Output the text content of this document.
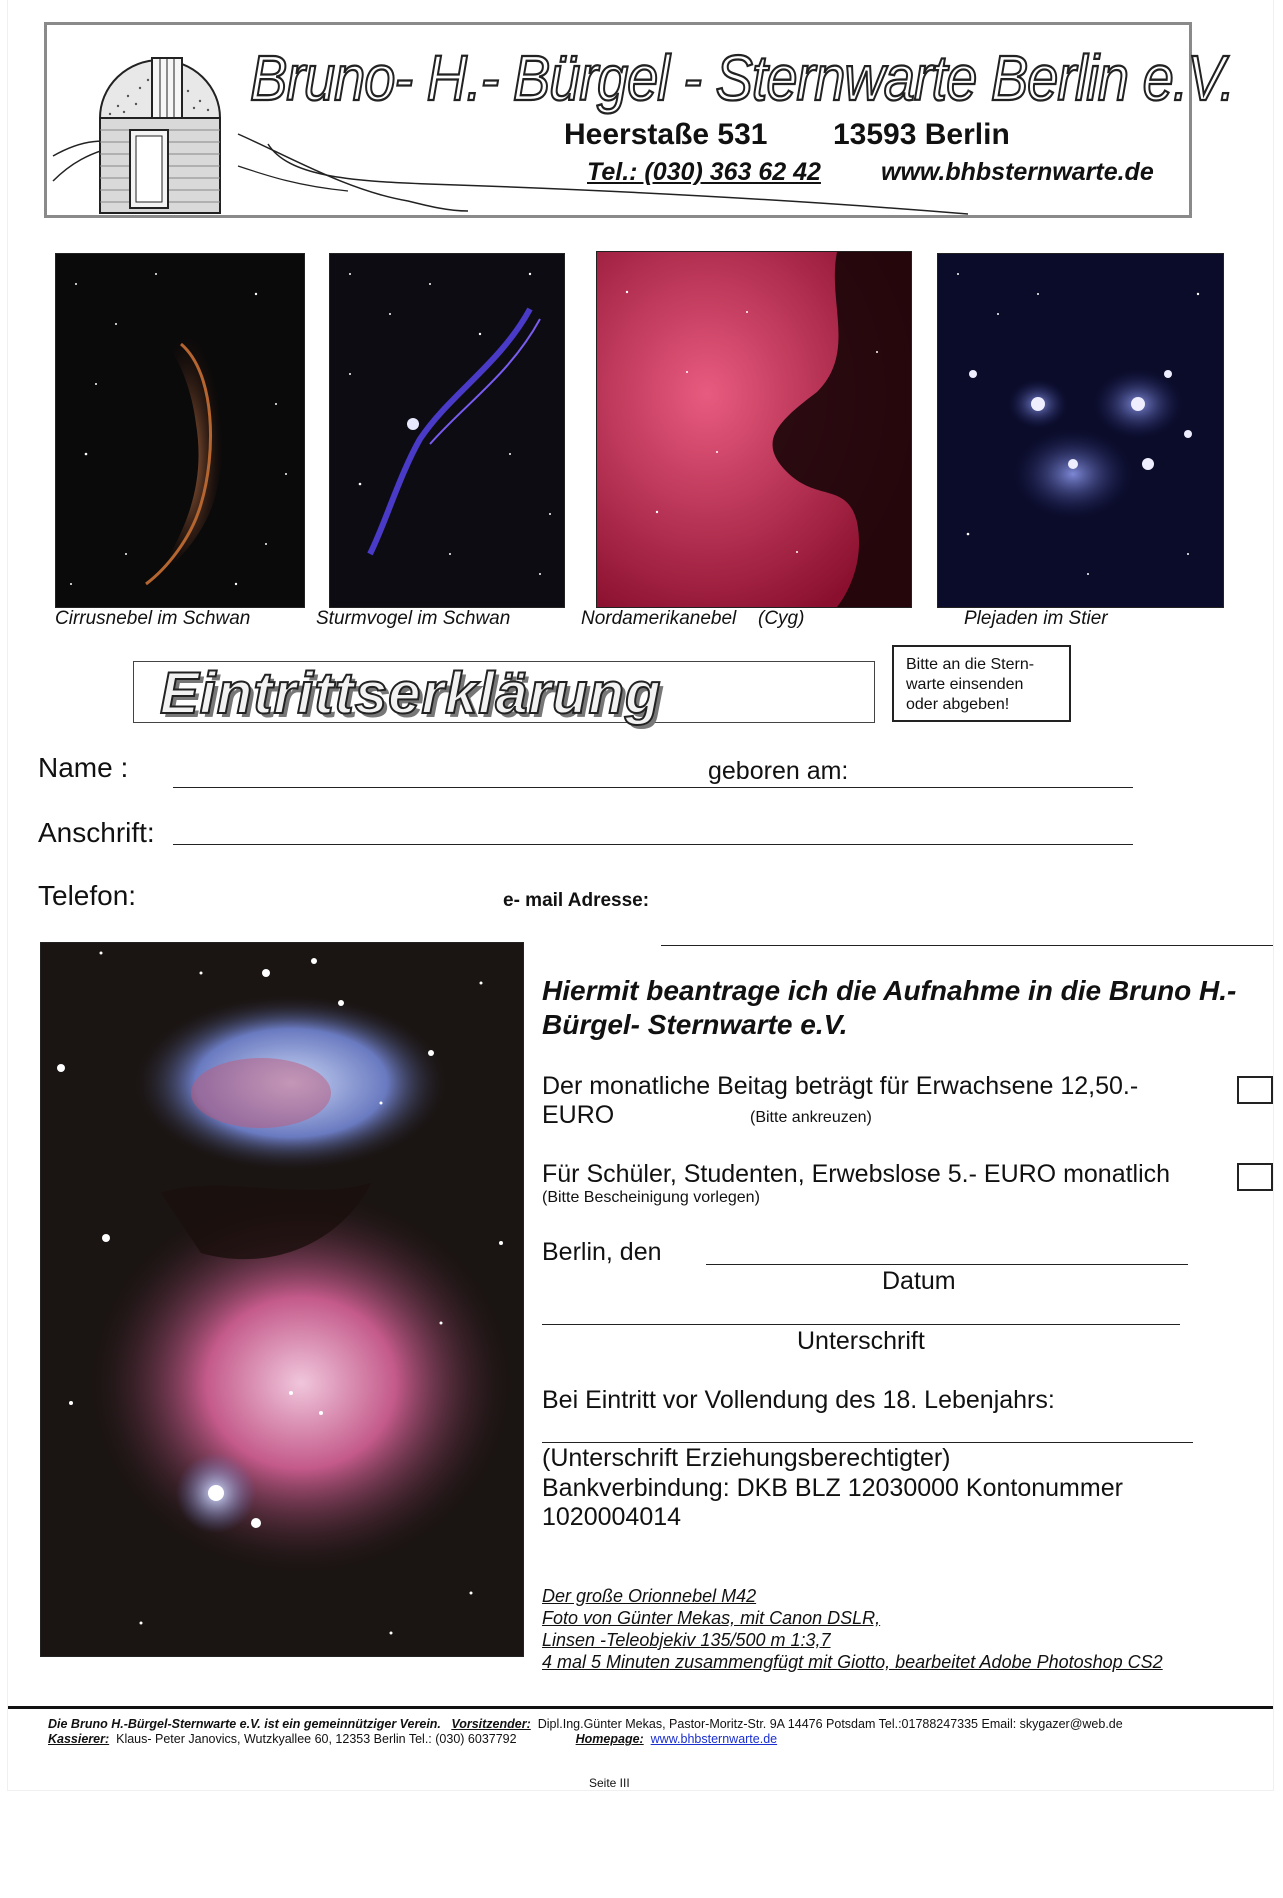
Bruno- H.- Bürgel - Sternwarte Berlin e.V.
Heerstaße 531 13593 Berlin
Tel.: (030) 363 62 42 www.bhbsternwarte.de
Cirrusnebel im Schwan	Sturmvogel im Schwan	Nordamerikanebel (Cyg)	Plejaden im Stier
Eintrittserklärung	Bitte an die Stern-
warte einsenden
oder abgeben!
Name :	geboren am:
Anschrift:
Telefon:	e- mail Adresse:
Hiermit beantrage ich die Aufnahme in die Bruno H.-
Bürgel- Sternwarte e.V.
Der monatliche Beitag beträgt für Erwachsene 12,50.-
EURO	(Bitte ankreuzen)
Für Schüler, Studenten, Erwebslose 5.- EURO monatlich
(Bitte Bescheinigung vorlegen)
Berlin, den
Datum
Unterschrift
Bei Eintritt vor Vollendung des 18. Lebenjahrs:
(Unterschrift Erziehungsberechtigter)
Bankverbindung: DKB BLZ 12030000 Kontonummer
1020004014
Der große Orionnebel M42
Foto von Günter Mekas, mit Canon DSLR,
Linsen -Teleobjekiv 135/500 m 1:3,7
4 mal 5 Minuten zusammengfügt mit Giotto, bearbeitet Adobe Photoshop CS2
Die Bruno H.-Bürgel-Sternwarte e.V. ist ein gemeinnütziger Verein. Vorsitzender: Dipl.Ing.Günter Mekas, Pastor-Moritz-Str. 9A 14476 Potsdam Tel.:01788247335 Email: skygazer@web.de
Kassierer: Klaus- Peter Janovics, Wutzkyallee 60, 12353 Berlin Tel.: (030) 6037792	Homepage: www.bhbsternwarte.de
Seite III
